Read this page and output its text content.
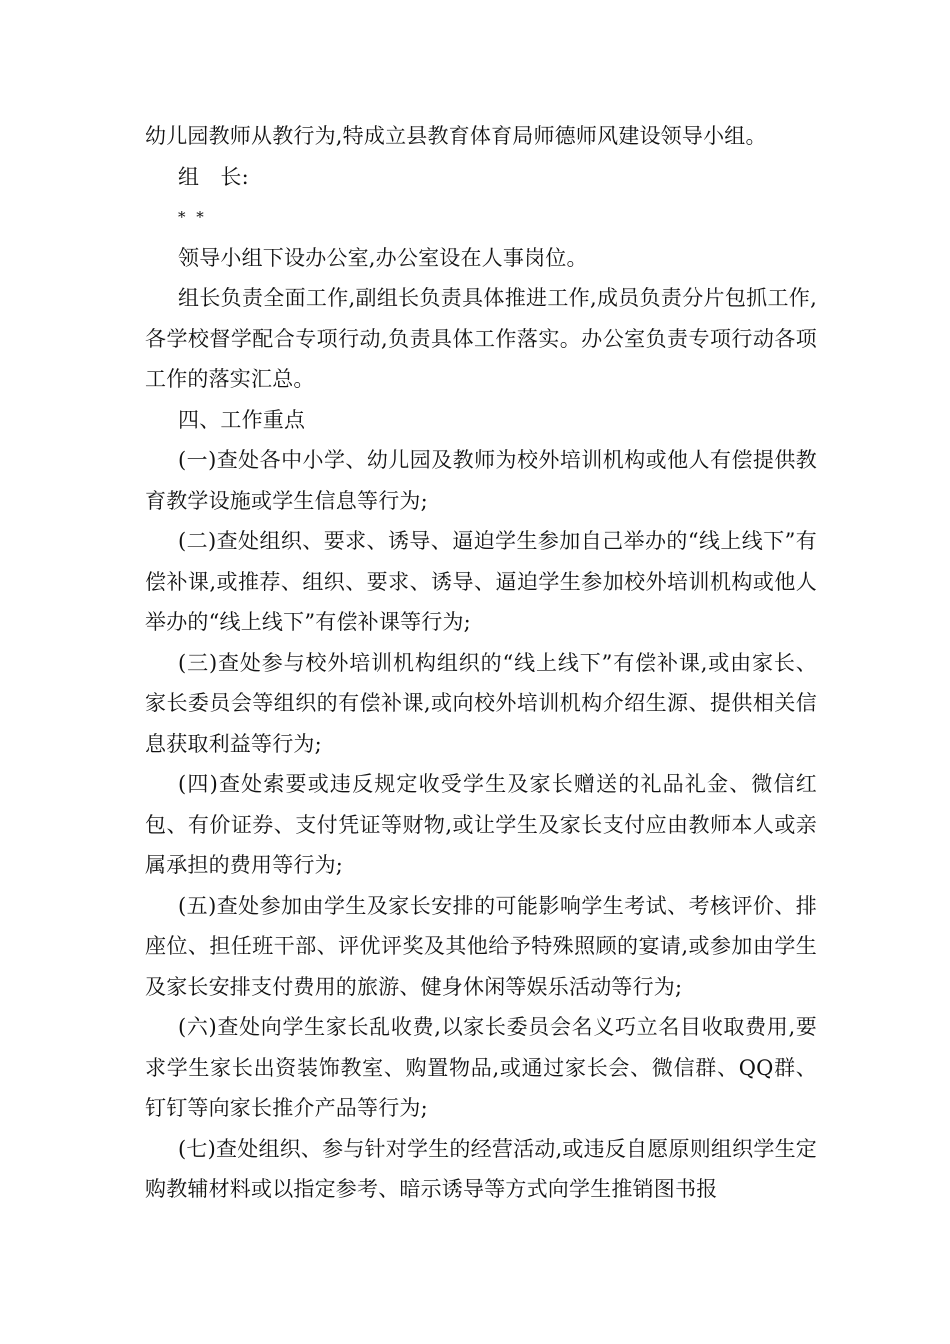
幼儿园教师从教行为,特成立县教育体育局师德师风建设领导小组。

组　长:

* *

领导小组下设办公室,办公室设在人事岗位。

组长负责全面工作,副组长负责具体推进工作,成员负责分片包抓工作,各学校督学配合专项行动,负责具体工作落实。办公室负责专项行动各项工作的落实汇总。

四、工作重点

(一)查处各中小学、幼儿园及教师为校外培训机构或他人有偿提供教育教学设施或学生信息等行为;

(二)查处组织、要求、诱导、逼迫学生参加自己举办的“线上线下”有偿补课,或推荐、组织、要求、诱导、逼迫学生参加校外培训机构或他人举办的“线上线下”有偿补课等行为;

(三)查处参与校外培训机构组织的“线上线下”有偿补课,或由家长、家长委员会等组织的有偿补课,或向校外培训机构介绍生源、提供相关信息获取利益等行为;

(四)查处索要或违反规定收受学生及家长赠送的礼品礼金、微信红包、有价证券、支付凭证等财物,或让学生及家长支付应由教师本人或亲属承担的费用等行为;

(五)查处参加由学生及家长安排的可能影响学生考试、考核评价、排座位、担任班干部、评优评奖及其他给予特殊照顾的宴请,或参加由学生及家长安排支付费用的旅游、健身休闲等娱乐活动等行为;

(六)查处向学生家长乱收费,以家长委员会名义巧立名目收取费用,要求学生家长出资装饰教室、购置物品,或通过家长会、微信群、QQ群、钉钉等向家长推介产品等行为;

(七)查处组织、参与针对学生的经营活动,或违反自愿原则组织学生定购教辅材料或以指定参考、暗示诱导等方式向学生推销图书报
